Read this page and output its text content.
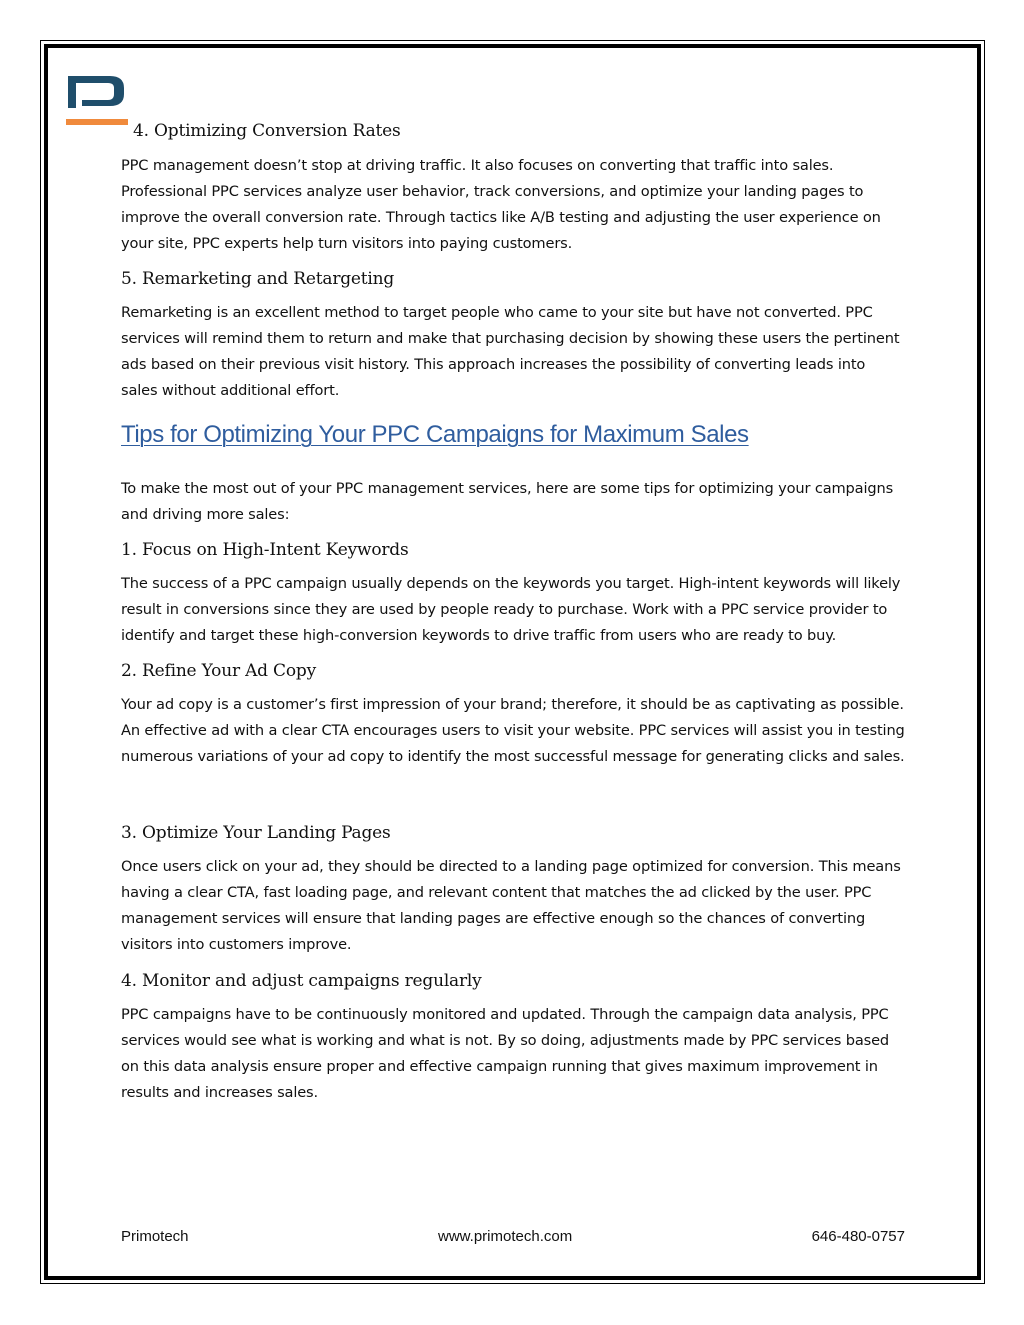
4. Optimizing Conversion Rates

PPC management doesn’t stop at driving traffic. It also focuses on converting that traffic into sales. Professional PPC services analyze user behavior, track conversions, and optimize your landing pages to improve the overall conversion rate. Through tactics like A/B testing and adjusting the user experience on your site, PPC experts help turn visitors into paying customers.

5. Remarketing and Retargeting

Remarketing is an excellent method to target people who came to your site but have not converted. PPC services will remind them to return and make that purchasing decision by showing these users the pertinent ads based on their previous visit history. This approach increases the possibility of converting leads into sales without additional effort.

Tips for Optimizing Your PPC Campaigns for Maximum Sales

To make the most out of your PPC management services, here are some tips for optimizing your campaigns and driving more sales:

1. Focus on High-Intent Keywords

The success of a PPC campaign usually depends on the keywords you target. High-intent keywords will likely result in conversions since they are used by people ready to purchase. Work with a PPC service provider to identify and target these high-conversion keywords to drive traffic from users who are ready to buy.

2. Refine Your Ad Copy

Your ad copy is a customer’s first impression of your brand; therefore, it should be as captivating as possible. An effective ad with a clear CTA encourages users to visit your website. PPC services will assist you in testing numerous variations of your ad copy to identify the most successful message for generating clicks and sales.

3. Optimize Your Landing Pages

Once users click on your ad, they should be directed to a landing page optimized for conversion. This means having a clear CTA, fast loading page, and relevant content that matches the ad clicked by the user. PPC management services will ensure that landing pages are effective enough so the chances of converting visitors into customers improve.

4. Monitor and adjust campaigns regularly

PPC campaigns have to be continuously monitored and updated. Through the campaign data analysis, PPC services would see what is working and what is not. By so doing, adjustments made by PPC services based on this data analysis ensure proper and effective campaign running that gives maximum improvement in results and increases sales.

Primotech	www.primotech.com	646-480-0757
